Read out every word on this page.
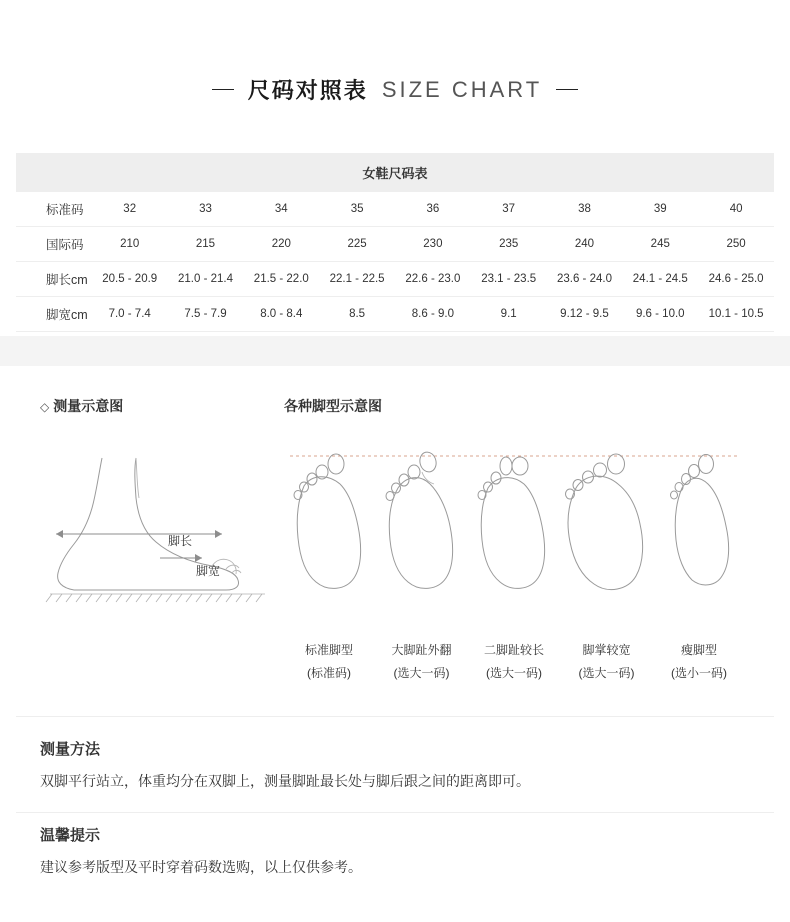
尺码对照表 SIZE CHART
女鞋尺码表									
标准码	32	33	34	35	36	37	38	39	40
国际码	210	215	220	225	230	235	240	245	250
脚长cm	20.5 - 20.9	21.0 - 21.4	21.5 - 22.0	22.1 - 22.5	22.6 - 23.0	23.1 - 23.5	23.6 - 24.0	24.1 - 24.5	24.6 - 25.0
脚宽cm	7.0 - 7.4	7.5 - 7.9	8.0 - 8.4	8.5	8.6 - 9.0	9.1	9.12 - 9.5	9.6 - 10.0	10.1 - 10.5
◇ 测量示意图
脚长
脚宽
各种脚型示意图
标准脚型
(标准码)
大脚趾外翻
(选大一码)
二脚趾较长
(选大一码)
脚掌较宽
(选大一码)
瘦脚型
(选小一码)
测量方法
双脚平行站立，体重均分在双脚上，测量脚趾最长处与脚后跟之间的距离即可。
温馨提示
建议参考版型及平时穿着码数选购，以上仅供参考。
